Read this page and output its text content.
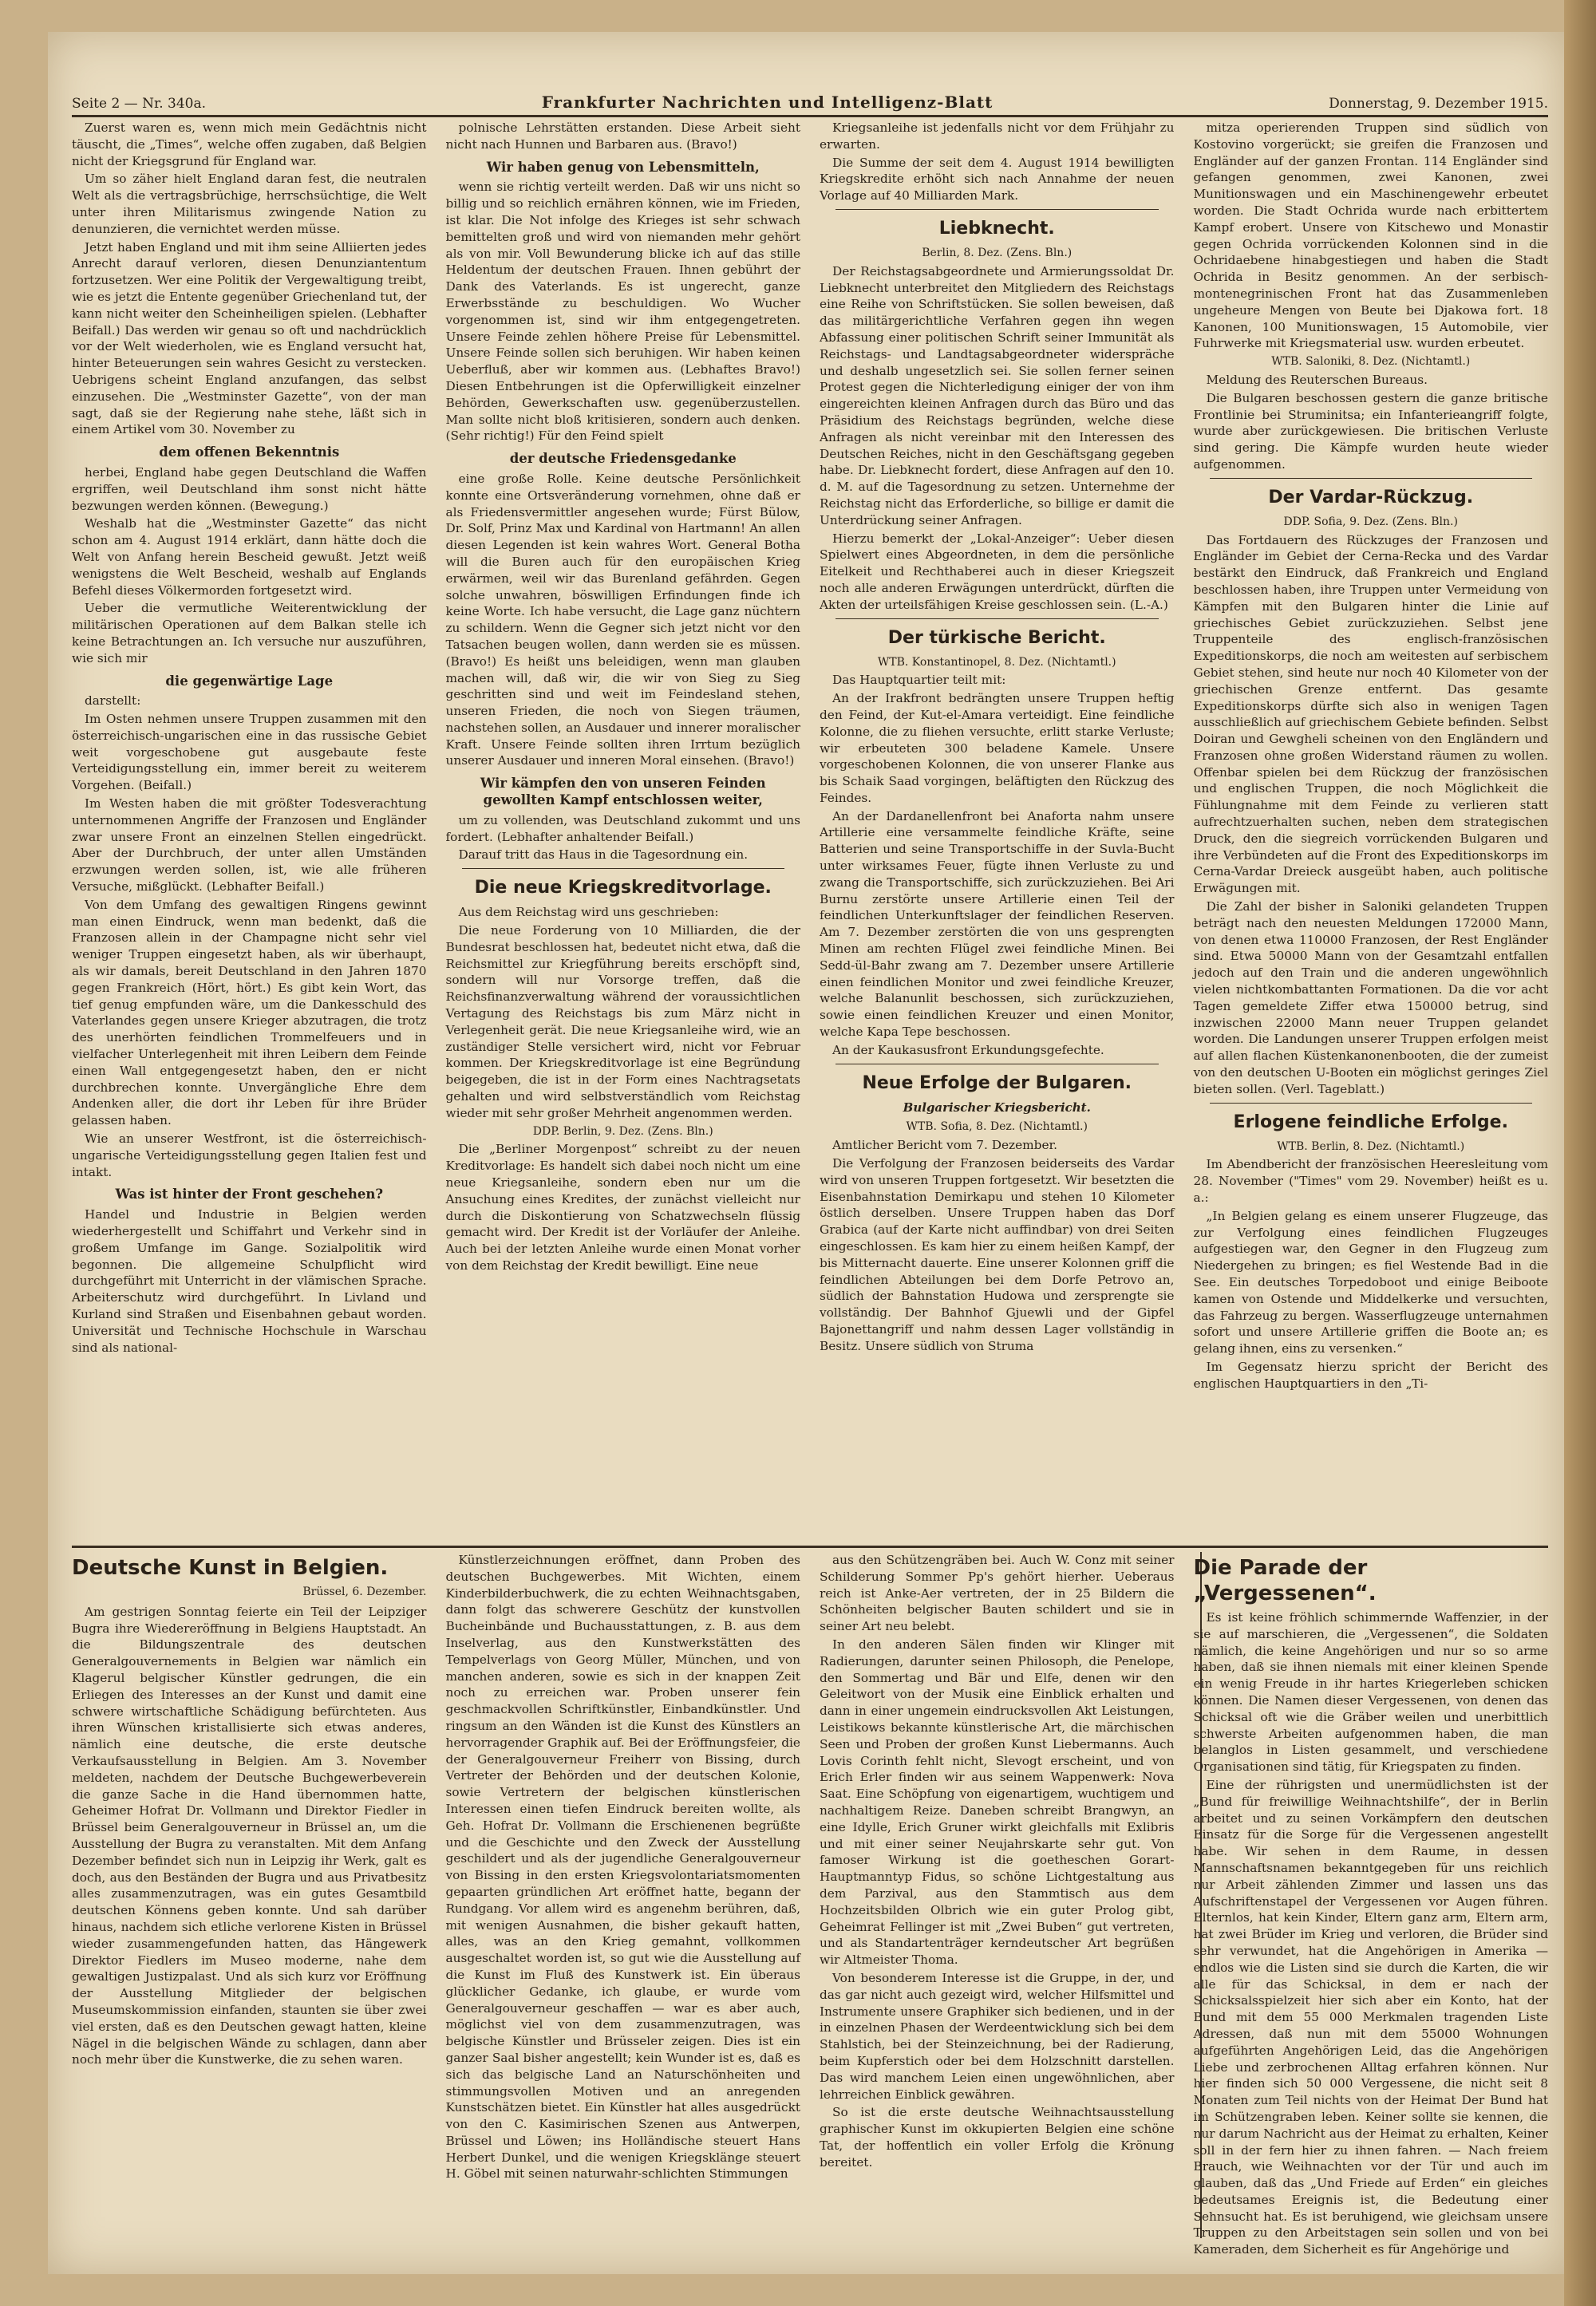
Seite 2 — Nr. 340a.	Frankfurter Nachrichten und Intelligenz-Blatt	Donnerstag, 9. Dezember 1915.

Zuerst waren es, wenn mich mein Gedächtnis nicht täuscht, die „Times“, welche offen zugaben, daß Belgien nicht der Kriegsgrund für England war.

Um so zäher hielt England daran fest, die neutralen Welt als die vertragsbrüchige, herrschsüchtige, die Welt unter ihren Militarismus zwingende Nation zu denunzieren, die vernichtet werden müsse.

Jetzt haben England und mit ihm seine Alliierten jedes Anrecht darauf verloren, diesen Denunziantentum fortzusetzen. Wer eine Politik der Vergewaltigung treibt, wie es jetzt die Entente gegenüber Griechenland tut, der kann nicht weiter den Scheinheiligen spielen. (Lebhafter Beifall.) Das werden wir genau so oft und nachdrücklich vor der Welt wiederholen, wie es England versucht hat, hinter Beteuerungen sein wahres Gesicht zu verstecken. Uebrigens scheint England anzufangen, das selbst einzusehen. Die „Westminster Gazette“, von der man sagt, daß sie der Regierung nahe stehe, läßt sich in einem Artikel vom 30. November zu

dem offenen Bekenntnis

herbei, England habe gegen Deutschland die Waffen ergriffen, weil Deutschland ihm sonst nicht hätte bezwungen werden können. (Bewegung.)

Weshalb hat die „Westminster Gazette“ das nicht schon am 4. August 1914 erklärt, dann hätte doch die Welt von Anfang herein Bescheid gewußt. Jetzt weiß wenigstens die Welt Bescheid, weshalb auf Englands Befehl dieses Völkermorden fortgesetzt wird.

Ueber die vermutliche Weiterentwicklung der militärischen Operationen auf dem Balkan stelle ich keine Betrachtungen an. Ich versuche nur auszuführen, wie sich mir

die gegenwärtige Lage

darstellt:

Im Osten nehmen unsere Truppen zusammen mit den österreichisch-ungarischen eine in das russische Gebiet weit vorgeschobene gut ausgebaute feste Verteidigungsstellung ein, immer bereit zu weiterem Vorgehen. (Beifall.)

Im Westen haben die mit größter Todesverachtung unternommenen Angriffe der Franzosen und Engländer zwar unsere Front an einzelnen Stellen eingedrückt. Aber der Durchbruch, der unter allen Umständen erzwungen werden sollen, ist, wie alle früheren Versuche, mißglückt. (Lebhafter Beifall.)

Von dem Umfang des gewaltigen Ringens gewinnt man einen Eindruck, wenn man bedenkt, daß die Franzosen allein in der Champagne nicht sehr viel weniger Truppen eingesetzt haben, als wir überhaupt, als wir damals, bereit Deutschland in den Jahren 1870 gegen Frankreich (Hört, hört.) Es gibt kein Wort, das tief genug empfunden wäre, um die Dankesschuld des Vaterlandes gegen unsere Krieger abzutragen, die trotz des unerhörten feindlichen Trommelfeuers und in vielfacher Unterlegenheit mit ihren Leibern dem Feinde einen Wall entgegengesetzt haben, den er nicht durchbrechen konnte. Unvergängliche Ehre dem Andenken aller, die dort ihr Leben für ihre Brüder gelassen haben.

Wie an unserer Westfront, ist die österreichisch-ungarische Verteidigungsstellung gegen Italien fest und intakt.

Was ist hinter der Front geschehen?

Handel und Industrie in Belgien werden wiederhergestellt und Schiffahrt und Verkehr sind in großem Umfange im Gange. Sozialpolitik wird begonnen. Die allgemeine Schulpflicht wird durchgeführt mit Unterricht in der vlämischen Sprache. Arbeiterschutz wird durchgeführt. In Livland und Kurland sind Straßen und Eisenbahnen gebaut worden. Universität und Technische Hochschule in Warschau sind als national-

polnische Lehrstätten erstanden. Diese Arbeit sieht nicht nach Hunnen und Barbaren aus. (Bravo!)

Wir haben genug von Lebensmitteln,

wenn sie richtig verteilt werden. Daß wir uns nicht so billig und so reichlich ernähren können, wie im Frieden, ist klar. Die Not infolge des Krieges ist sehr schwach bemittelten groß und wird von niemanden mehr gehört als von mir. Voll Bewunderung blicke ich auf das stille Heldentum der deutschen Frauen. Ihnen gebührt der Dank des Vaterlands. Es ist ungerecht, ganze Erwerbsstände zu beschuldigen. Wo Wucher vorgenommen ist, sind wir ihm entgegengetreten. Unsere Feinde zehlen höhere Preise für Lebensmittel. Unsere Feinde sollen sich beruhigen. Wir haben keinen Ueberfluß, aber wir kommen aus. (Lebhaftes Bravo!) Diesen Entbehrungen ist die Opferwilligkeit einzelner Behörden, Gewerkschaften usw. gegenüberzustellen. Man sollte nicht bloß kritisieren, sondern auch denken. (Sehr richtig!) Für den Feind spielt

der deutsche Friedensgedanke

eine große Rolle. Keine deutsche Persönlichkeit konnte eine Ortsveränderung vornehmen, ohne daß er als Friedensvermittler angesehen wurde; Fürst Bülow, Dr. Solf, Prinz Max und Kardinal von Hartmann! An allen diesen Legenden ist kein wahres Wort. General Botha will die Buren auch für den europäischen Krieg erwärmen, weil wir das Burenland gefährden. Gegen solche unwahren, böswilligen Erfindungen finde ich keine Worte. Ich habe versucht, die Lage ganz nüchtern zu schildern. Wenn die Gegner sich jetzt nicht vor den Tatsachen beugen wollen, dann werden sie es müssen. (Bravo!) Es heißt uns beleidigen, wenn man glauben machen will, daß wir, die wir von Sieg zu Sieg geschritten sind und weit im Feindesland stehen, unseren Frieden, die noch von Siegen träumen, nachstehen sollen, an Ausdauer und innerer moralischer Kraft. Unsere Feinde sollten ihren Irrtum bezüglich unserer Ausdauer und inneren Moral einsehen. (Bravo!)

Wir kämpfen den von unseren Feinden gewollten Kampf entschlossen weiter,

um zu vollenden, was Deutschland zukommt und uns fordert. (Lebhafter anhaltender Beifall.)

Darauf tritt das Haus in die Tagesordnung ein.

Die neue Kriegskreditvorlage.

Aus dem Reichstag wird uns geschrieben:

Die neue Forderung von 10 Milliarden, die der Bundesrat beschlossen hat, bedeutet nicht etwa, daß die Reichsmittel zur Kriegführung bereits erschöpft sind, sondern will nur Vorsorge treffen, daß die Reichsfinanzverwaltung während der voraussichtlichen Vertagung des Reichstags bis zum März nicht in Verlegenheit gerät. Die neue Kriegsanleihe wird, wie an zuständiger Stelle versichert wird, nicht vor Februar kommen. Der Kriegskreditvorlage ist eine Begründung beigegeben, die ist in der Form eines Nachtragsetats gehalten und wird selbstverständlich vom Reichstag wieder mit sehr großer Mehrheit angenommen werden.

DDP. Berlin, 9. Dez. (Zens. Bln.)

Die „Berliner Morgenpost“ schreibt zu der neuen Kreditvorlage: Es handelt sich dabei noch nicht um eine neue Kriegsanleihe, sondern eben nur um die Ansuchung eines Kredites, der zunächst vielleicht nur durch die Diskontierung von Schatzwechseln flüssig gemacht wird. Der Kredit ist der Vorläufer der Anleihe. Auch bei der letzten Anleihe wurde einen Monat vorher von dem Reichstag der Kredit bewilligt. Eine neue

Kriegsanleihe ist jedenfalls nicht vor dem Frühjahr zu erwarten.

Die Summe der seit dem 4. August 1914 bewilligten Kriegskredite erhöht sich nach Annahme der neuen Vorlage auf 40 Milliarden Mark.

Liebknecht.
Berlin, 8. Dez. (Zens. Bln.)

Der Reichstagsabgeordnete und Armierungssoldat Dr. Liebknecht unterbreitet den Mitgliedern des Reichstags eine Reihe von Schriftstücken. Sie sollen beweisen, daß das militärgerichtliche Verfahren gegen ihn wegen Abfassung einer politischen Schrift seiner Immunität als Reichstags- und Landtagsabgeordneter widerspräche und deshalb ungesetzlich sei. Sie sollen ferner seinen Protest gegen die Nichterledigung einiger der von ihm eingereichten kleinen Anfragen durch das Büro und das Präsidium des Reichstags begründen, welche diese Anfragen als nicht vereinbar mit den Interessen des Deutschen Reiches, nicht in den Geschäftsgang gegeben habe. Dr. Liebknecht fordert, diese Anfragen auf den 10. d. M. auf die Tagesordnung zu setzen. Unternehme der Reichstag nicht das Erforderliche, so billige er damit die Unterdrückung seiner Anfragen.

Hierzu bemerkt der „Lokal-Anzeiger“: Ueber diesen Spielwert eines Abgeordneten, in dem die persönliche Eitelkeit und Rechthaberei auch in dieser Kriegszeit noch alle anderen Erwägungen unterdrückt, dürften die Akten der urteilsfähigen Kreise geschlossen sein. (L.-A.)

Der türkische Bericht.
WTB. Konstantinopel, 8. Dez. (Nichtamtl.)

Das Hauptquartier teilt mit:

An der Irakfront bedrängten unsere Truppen heftig den Feind, der Kut-el-Amara verteidigt. Eine feindliche Kolonne, die zu fliehen versuchte, erlitt starke Verluste; wir erbeuteten 300 beladene Kamele. Unsere vorgeschobenen Kolonnen, die von unserer Flanke aus bis Schaik Saad vorgingen, beläftigten den Rückzug des Feindes.

An der Dardanellenfront bei Anaforta nahm unsere Artillerie eine versammelte feindliche Kräfte, seine Batterien und seine Transportschiffe in der Suvla-Bucht unter wirksames Feuer, fügte ihnen Verluste zu und zwang die Transportschiffe, sich zurückzuziehen. Bei Ari Burnu zerstörte unsere Artillerie einen Teil der feindlichen Unterkunftslager der feindlichen Reserven. Am 7. Dezember zerstörten die von uns gesprengten Minen am rechten Flügel zwei feindliche Minen. Bei Sedd-ül-Bahr zwang am 7. Dezember unsere Artillerie einen feindlichen Monitor und zwei feindliche Kreuzer, welche Balanunlit beschossen, sich zurückzuziehen, sowie einen feindlichen Kreuzer und einen Monitor, welche Kapa Tepe beschossen.

An der Kaukasusfront Erkundungsgefechte.

Neue Erfolge der Bulgaren.
Bulgarischer Kriegsbericht.
WTB. Sofia, 8. Dez. (Nichtamtl.)

Amtlicher Bericht vom 7. Dezember.

Die Verfolgung der Franzosen beiderseits des Vardar wird von unseren Truppen fortgesetzt. Wir besetzten die Eisenbahnstation Demirkapu und stehen 10 Kilometer östlich derselben. Unsere Truppen haben das Dorf Grabica (auf der Karte nicht auffindbar) von drei Seiten eingeschlossen. Es kam hier zu einem heißen Kampf, der bis Mitternacht dauerte. Eine unserer Kolonnen griff die feindlichen Abteilungen bei dem Dorfe Petrovo an, südlich der Bahnstation Hudowa und zersprengte sie vollständig. Der Bahnhof Gjuewli und der Gipfel Bajonettangriff und nahm dessen Lager vollständig in Besitz. Unsere südlich von Struma

mitza operierenden Truppen sind südlich von Kostovino vorgerückt; sie greifen die Franzosen und Engländer auf der ganzen Frontan. 114 Engländer sind gefangen genommen, zwei Kanonen, zwei Munitionswagen und ein Maschinengewehr erbeutet worden. Die Stadt Ochrida wurde nach erbittertem Kampf erobert. Unsere von Kitschewo und Monastir gegen Ochrida vorrückenden Kolonnen sind in die Ochridaebene hinabgestiegen und haben die Stadt Ochrida in Besitz genommen. An der serbisch-montenegrinischen Front hat das Zusammenleben ungeheure Mengen von Beute bei Djakowa fort. 18 Kanonen, 100 Munitionswagen, 15 Automobile, vier Fuhrwerke mit Kriegsmaterial usw. wurden erbeutet.

WTB. Saloniki, 8. Dez. (Nichtamtl.)

Meldung des Reuterschen Bureaus.

Die Bulgaren beschossen gestern die ganze britische Frontlinie bei Struminitsa; ein Infanterieangriff folgte, wurde aber zurückgewiesen. Die britischen Verluste sind gering. Die Kämpfe wurden heute wieder aufgenommen.

Der Vardar-Rückzug.
DDP. Sofia, 9. Dez. (Zens. Bln.)

Das Fortdauern des Rückzuges der Franzosen und Engländer im Gebiet der Cerna-Recka und des Vardar bestärkt den Eindruck, daß Frankreich und England beschlossen haben, ihre Truppen unter Vermeidung von Kämpfen mit den Bulgaren hinter die Linie auf griechisches Gebiet zurückzuziehen. Selbst jene Truppenteile des englisch-französischen Expeditionskorps, die noch am weitesten auf serbischem Gebiet stehen, sind heute nur noch 40 Kilometer von der griechischen Grenze entfernt. Das gesamte Expeditionskorps dürfte sich also in wenigen Tagen ausschließlich auf griechischem Gebiete befinden. Selbst Doiran und Gewgheli scheinen von den Engländern und Franzosen ohne großen Widerstand räumen zu wollen. Offenbar spielen bei dem Rückzug der französischen und englischen Truppen, die noch Möglichkeit die Fühlungnahme mit dem Feinde zu verlieren statt aufrechtzuerhalten suchen, neben dem strategischen Druck, den die siegreich vorrückenden Bulgaren und ihre Verbündeten auf die Front des Expeditionskorps im Cerna-Vardar Dreieck ausgeübt haben, auch politische Erwägungen mit.

Die Zahl der bisher in Saloniki gelandeten Truppen beträgt nach den neuesten Meldungen 172000 Mann, von denen etwa 110000 Franzosen, der Rest Engländer sind. Etwa 50000 Mann von der Gesamtzahl entfallen jedoch auf den Train und die anderen ungewöhnlich vielen nichtkombattanten Formationen. Da die vor acht Tagen gemeldete Ziffer etwa 150000 betrug, sind inzwischen 22000 Mann neuer Truppen gelandet worden. Die Landungen unserer Truppen erfolgen meist auf allen flachen Küstenkanonenbooten, die der zumeist von den deutschen U-Booten ein möglichst geringes Ziel bieten sollen. (Verl. Tageblatt.)

Erlogene feindliche Erfolge.
WTB. Berlin, 8. Dez. (Nichtamtl.)

Im Abendbericht der französischen Heeresleitung vom 28. November ("Times" vom 29. November) heißt es u. a.:

„In Belgien gelang es einem unserer Flugzeuge, das zur Verfolgung eines feindlichen Flugzeuges aufgestiegen war, den Gegner in den Flugzeug zum Niedergehen zu bringen; es fiel Westende Bad in die See. Ein deutsches Torpedoboot und einige Beiboote kamen von Ostende und Middelkerke und versuchten, das Fahrzeug zu bergen. Wasserflugzeuge unternahmen sofort und unsere Artillerie griffen die Boote an; es gelang ihnen, eins zu versenken.“

Im Gegensatz hierzu spricht der Bericht des englischen Hauptquartiers in den „Ti-

Deutsche Kunst in Belgien.
Brüssel, 6. Dezember.

Am gestrigen Sonntag feierte ein Teil der Leipziger Bugra ihre Wiedereröffnung in Belgiens Hauptstadt. An die Bildungszentrale des deutschen Generalgouvernements in Belgien war nämlich ein Klagerul belgischer Künstler gedrungen, die ein Erliegen des Interesses an der Kunst und damit eine schwere wirtschaftliche Schädigung befürchteten. Aus ihren Wünschen kristallisierte sich etwas anderes, nämlich eine deutsche, die erste deutsche Verkaufsausstellung in Belgien. Am 3. November meldeten, nachdem der Deutsche Buchgewerbeverein die ganze Sache in die Hand übernommen hatte, Geheimer Hofrat Dr. Vollmann und Direktor Fiedler in Brüssel beim Generalgouverneur in Brüssel an, um die Ausstellung der Bugra zu veranstalten. Mit dem Anfang Dezember befindet sich nun in Leipzig ihr Werk, galt es doch, aus den Beständen der Bugra und aus Privatbesitz alles zusammenzutragen, was ein gutes Gesamtbild deutschen Könnens geben konnte. Und sah darüber hinaus, nachdem sich etliche verlorene Kisten in Brüssel wieder zusammengefunden hatten, das Hängewerk Direktor Fiedlers im Museo moderne, nahe dem gewaltigen Justizpalast. Und als sich kurz vor Eröffnung der Ausstellung Mitglieder der belgischen Museumskommission einfanden, staunten sie über zwei viel ersten, daß es den Deutschen gewagt hatten, kleine Nägel in die belgischen Wände zu schlagen, dann aber noch mehr über die Kunstwerke, die zu sehen waren.

Künstlerzeichnungen eröffnet, dann Proben des deutschen Buchgewerbes. Mit Wichten, einem Kinderbilderbuchwerk, die zu echten Weihnachtsgaben, dann folgt das schwerere Geschütz der kunstvollen Bucheinbände und Buchausstattungen, z. B. aus dem Inselverlag, aus den Kunstwerkstätten des Tempelverlags von Georg Müller, München, und von manchen anderen, sowie es sich in der knappen Zeit noch zu erreichen war. Proben unserer fein geschmackvollen Schriftkünstler, Einbandkünstler. Und ringsum an den Wänden ist die Kunst des Künstlers an hervorragender Graphik auf. Bei der Eröffnungsfeier, die der Generalgouverneur Freiherr von Bissing, durch Vertreter der Behörden und der deutschen Kolonie, sowie Vertretern der belgischen künstlerischen Interessen einen tiefen Eindruck bereiten wollte, als Geh. Hofrat Dr. Vollmann die Erschienenen begrüßte und die Geschichte und den Zweck der Ausstellung geschildert und als der jugendliche Generalgouverneur von Bissing in den ersten Kriegsvolontariatsmomenten gepaarten gründlichen Art eröffnet hatte, begann der Rundgang. Vor allem wird es angenehm berühren, daß, mit wenigen Ausnahmen, die bisher gekauft hatten, alles, was an den Krieg gemahnt, vollkommen ausgeschaltet worden ist, so gut wie die Ausstellung auf die Kunst im Fluß des Kunstwerk ist. Ein überaus glücklicher Gedanke, ich glaube, er wurde vom Generalgouverneur geschaffen — war es aber auch, möglichst viel von dem zusammenzutragen, was belgische Künstler und Brüsseler zeigen. Dies ist ein ganzer Saal bisher angestellt; kein Wunder ist es, daß es sich das belgische Land an Naturschönheiten und stimmungsvollen Motiven und an anregenden Kunstschätzen bietet. Ein Künstler hat alles ausgedrückt von den C. Kasimirischen Szenen aus Antwerpen, Brüssel und Löwen; ins Holländische steuert Hans Herbert Dunkel, und die wenigen Kriegsklänge steuert H. Göbel mit seinen naturwahr-schlichten Stimmungen

aus den Schützengräben bei. Auch W. Conz mit seiner Schilderung Sommer Pp's gehört hierher. Ueberaus reich ist Anke-Aer vertreten, der in 25 Bildern die Schönheiten belgischer Bauten schildert und sie in seiner Art neu belebt.

In den anderen Sälen finden wir Klinger mit Radierungen, darunter seinen Philosoph, die Penelope, den Sommertag und Bär und Elfe, denen wir den Geleitwort von der Musik eine Einblick erhalten und dann in einer ungemein eindrucksvollen Akt Leistungen, Leistikows bekannte künstlerische Art, die märchischen Seen und Proben der großen Kunst Liebermanns. Auch Lovis Corinth fehlt nicht, Slevogt erscheint, und von Erich Erler finden wir aus seinem Wappenwerk: Nova Saat. Eine Schöpfung von eigenartigem, wuchtigem und nachhaltigem Reize. Daneben schreibt Brangwyn, an eine Idylle, Erich Gruner wirkt gleichfalls mit Exlibris und mit einer seiner Neujahrskarte sehr gut. Von famoser Wirkung ist die goetheschen Gorart-Hauptmanntyp Fidus, so schöne Lichtgestaltung aus dem Parzival, aus den Stammtisch aus dem Hochzeitsbilden Olbrich wie ein guter Prolog gibt, Geheimrat Fellinger ist mit „Zwei Buben“ gut vertreten, und als Standartenträger kerndeutscher Art begrüßen wir Altmeister Thoma.

Von besonderem Interesse ist die Gruppe, in der, und das gar nicht auch gezeigt wird, welcher Hilfsmittel und Instrumente unsere Graphiker sich bedienen, und in der in einzelnen Phasen der Werdeentwicklung sich bei dem Stahlstich, bei der Steinzeichnung, bei der Radierung, beim Kupferstich oder bei dem Holzschnitt darstellen. Das wird manchem Leien einen ungewöhnlichen, aber lehrreichen Einblick gewähren.

So ist die erste deutsche Weihnachtsausstellung graphischer Kunst im okkupierten Belgien eine schöne Tat, der hoffentlich ein voller Erfolg die Krönung bereitet.

Die Parade der „Vergessenen“.

Es ist keine fröhlich schimmernde Waffenzier, in der sie auf marschieren, die „Vergessenen“, die Soldaten nämlich, die keine Angehörigen und nur so so arme haben, daß sie ihnen niemals mit einer kleinen Spende ein wenig Freude in ihr hartes Kriegerleben schicken können. Die Namen dieser Vergessenen, von denen das Schicksal oft wie die Gräber weilen und unerbittlich schwerste Arbeiten aufgenommen haben, die man belanglos in Listen gesammelt, und verschiedene Organisationen sind tätig, für Kriegspaten zu finden.

Eine der rührigsten und unermüdlichsten ist der „Bund für freiwillige Weihnachtshilfe“, der in Berlin arbeitet und zu seinen Vorkämpfern den deutschen Einsatz für die Sorge für die Vergessenen angestellt habe. Wir sehen in dem Raume, in dessen Mannschaftsnamen bekanntgegeben für uns reichlich nur Arbeit zählenden Zimmer und lassen uns das Aufschriftenstapel der Vergessenen vor Augen führen. Elternlos, hat kein Kinder, Eltern ganz arm, Eltern arm, hat zwei Brüder im Krieg und verloren, die Brüder sind sehr verwundet, hat die Angehörigen in Amerika — endlos wie die Listen sind sie durch die Karten, die wir alle für das Schicksal, in dem er nach der Schicksalsspielzeit hier sich aber ein Konto, hat der Bund mit dem 55 000 Merkmalen tragenden Liste Adressen, daß nun mit dem 55000 Wohnungen aufgeführten Angehörigen Leid, das die Angehörigen Liebe und zerbrochenen Alltag erfahren können. Nur hier finden sich 50 000 Vergessene, die nicht seit 8 Monaten zum Teil nichts von der Heimat Der Bund hat im Schützengraben leben. Keiner sollte sie kennen, die nur darum Nachricht aus der Heimat zu erhalten, Keiner soll in der fern hier zu ihnen fahren. — Nach freiem Brauch, wie Weihnachten vor der Tür und auch im glauben, daß das „Und Friede auf Erden“ ein gleiches bedeutsames Ereignis ist, die Bedeutung einer Sehnsucht hat. Es ist beruhigend, wie gleichsam unsere Truppen zu den Arbeitstagen sein sollen und von bei Kameraden, dem Sicherheit es für Angehörige und
